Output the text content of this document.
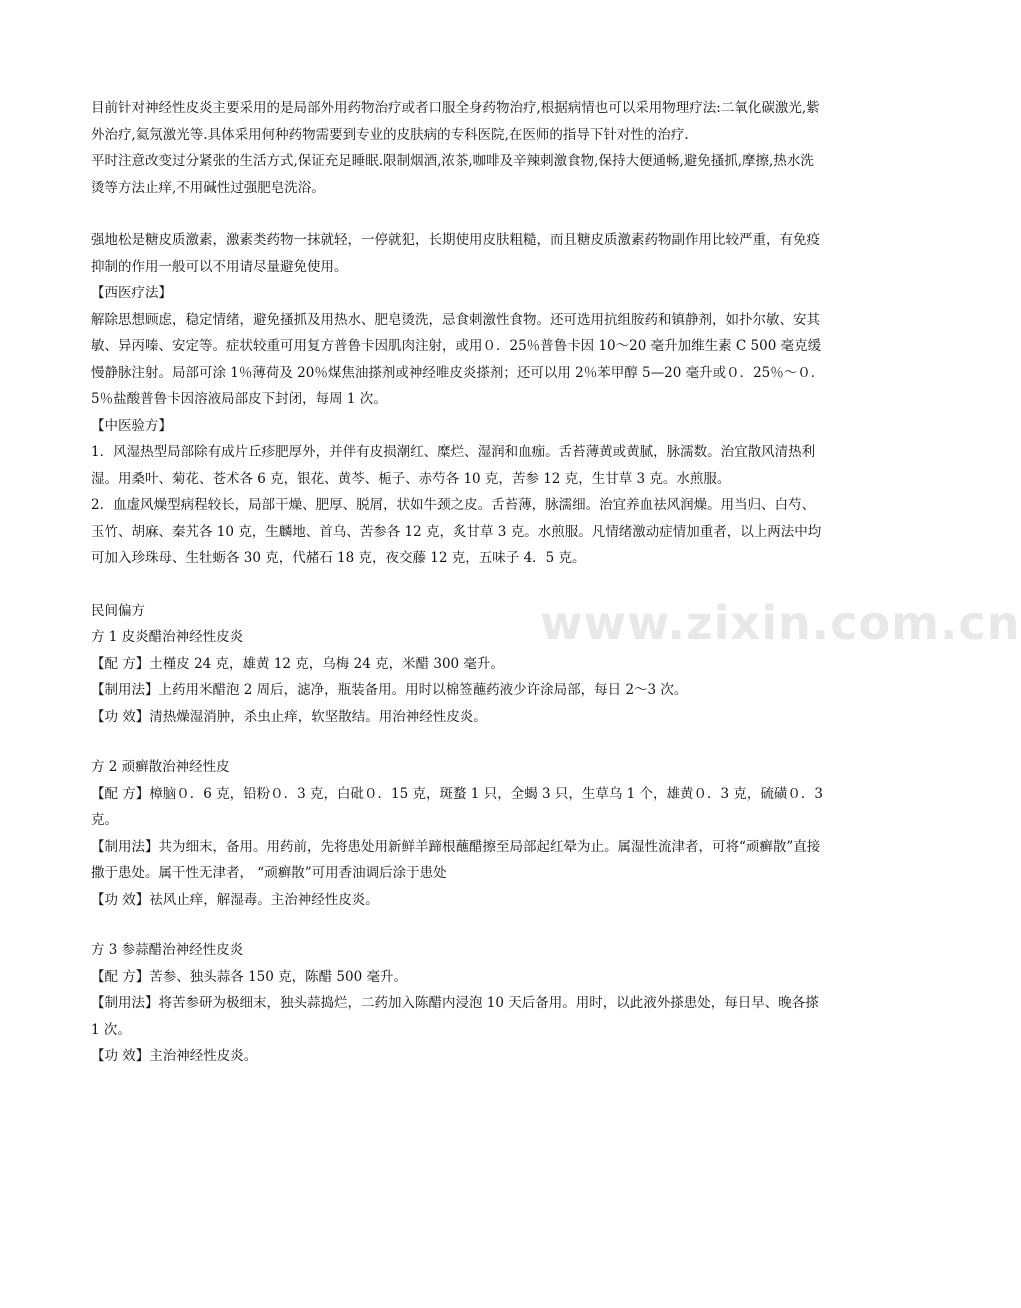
目前针对神经性皮炎主要采用的是局部外用药物治疗或者口服全身药物治疗,根据病情也可以采用物理疗法:二氧化碳激光,紫外治疗,氦氖激光等.具体采用何种药物需要到专业的皮肤病的专科医院,在医师的指导下针对性的治疗.

平时注意改变过分紧张的生活方式,保证充足睡眠.限制烟酒,浓茶,咖啡及辛辣刺激食物,保持大便通畅,避免搔抓,摩擦,热水洗烫等方法止痒,不用碱性过强肥皂洗浴。

强地松是糖皮质激素，激素类药物一抹就轻，一停就犯，长期使用皮肤粗糙，而且糖皮质激素药物副作用比较严重，有免疫抑制的作用一般可以不用请尽量避免使用。

【西医疗法】

解除思想顾虑，稳定情绪，避免搔抓及用热水、肥皂烫洗，忌食刺激性食物。还可选用抗组胺药和镇静剂，如扑尔敏、安其敏、异丙嗪、安定等。症状较重可用复方普鲁卡因肌肉注射，或用０．25％普鲁卡因 10～20 毫升加维生素 C 500 毫克缓慢静脉注射。局部可涂 1％薄荷及 20％煤焦油搽剂或神经唯皮炎搽剂；还可以用 2％苯甲醇 5—20 毫升或０．25％～０．5％盐酸普鲁卡因溶液局部皮下封闭，每周 1 次。

【中医验方】

1．风湿热型局部除有成片丘疹肥厚外，并伴有皮损潮红、糜烂、湿润和血痂。舌苔薄黄或黄腻，脉濡数。治宜散风清热利湿。用桑叶、菊花、苍术各 6 克，银花、黄芩、栀子、赤芍各 10 克，苦参 12 克，生甘草 3 克。水煎服。

2．血虚风燥型病程较长，局部干燥、肥厚、脱屑，状如牛颈之皮。舌苔薄，脉濡细。治宜养血祛风润燥。用当归、白芍、玉竹、胡麻、秦艽各 10 克，生麟地、首乌、苦参各 12 克，炙甘草 3 克。水煎服。凡情绪激动症情加重者，以上两法中均可加入珍珠母、生牡蛎各 30 克，代赭石 18 克，夜交藤 12 克，五味子 4．5 克。

民间偏方

方 1 皮炎醋治神经性皮炎

【配 方】土槿皮 24 克，雄黄 12 克，乌梅 24 克，米醋 300 毫升。

【制用法】上药用米醋泡 2 周后，滤净，瓶装备用。用时以棉签蘸药液少许涂局部，每日 2～3 次。

【功 效】清热燥湿消肿，杀虫止痒，软坚散结。用治神经性皮炎。

方 2 顽癣散治神经性皮

【配 方】樟脑０．6 克，铅粉０．3 克，白砒０．15 克，斑蝥 1 只，全蝎 3 只，生草乌 1 个，雄黄０．3 克，硫磺０．3 克。

【制用法】共为细末，备用。用药前，先将患处用新鲜羊蹄根蘸醋擦至局部起红晕为止。属湿性流津者，可将“顽癣散”直接撒于患处。属干性无津者， “顽癣散”可用香油调后涂于患处

【功 效】祛风止痒，解湿毒。主治神经性皮炎。

方 3 参蒜醋治神经性皮炎

【配 方】苦参、独头蒜各 150 克，陈醋 500 毫升。

【制用法】将苦参研为极细末，独头蒜捣烂，二药加入陈醋内浸泡 10 天后备用。用时，以此液外搽患处，每日早、晚各搽 1 次。

【功 效】主治神经性皮炎。

www.zixin.com.cn
